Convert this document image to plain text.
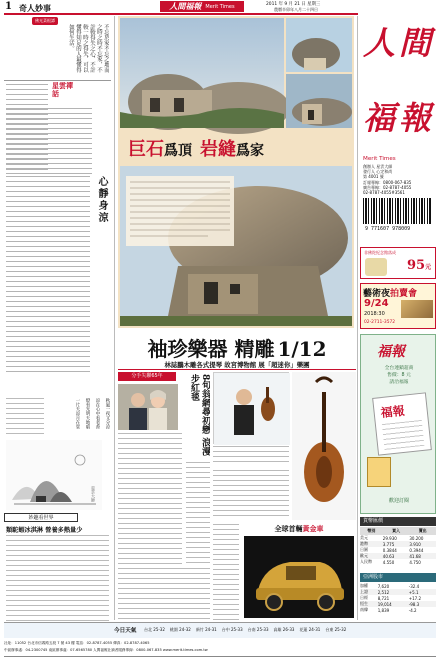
1 奇人妙事	人間福報 Merit Times	2011 年 9 月 21 日 星期三
農曆辛卯年八月二十四日
佛光菜根譚
不忘於家不忘之地而之時之時不忘家，不計較得失之心，不計較一時之得失，可以懂得知足的人最懂得如何生活。
星雲禪話
心靜身涼
秋風一夜又分涼
涼在心中看者香
燈有光明天地暗
一片天涼月在堂
星雲大師
妙趣看世界
類駝蝦冰淇淋 營養多熱量少
巨石爲頂 岩縫爲家
人 間
福 報
Merit Times
創辦人 星雲大師
發行人 心定和尚
第 4001 號
訂報專線：0800-067-835
廣告專線：02-8787-4055
02-8787-4055#3561
9 771607 978009
非佛陀紀念館落成
95元
藝術夜拍賣會
9/24
2018:30
02-2711-3572
福報
全台連鎖超商
售價：8 元
請洽福報
福報
歡迎訂閱
貨幣匯價
幣別	買入	賣出
美元	29.930	30.200
港幣	3.775	3.910
日圓	0.3844	0.3944
歐元	40.63	41.68
人民幣	4.550	4.750
亞洲股市
加權	7,620	-32.4
上證	2,512	+5.1
日經	8,721	+17.2
恆生	19,014	-98.3
南韓	1,839	-4.2
袖珍樂器 精雕 1/12
林誌鵬木雕各式提琴 故宮博物館 展「超迷你」樂團
分手失聯65年	8旬翁網尋初戀 浪漫步紅毯
全球首輛黃金車
今日天氣 台北 25-32 桃園 24-32 新竹 24-31 台中 25-33 台南 25-33 高雄 26-33 花蓮 24-31 台東 25-32
社址：11052 台北市信義路五段 7 號 43 樓 電話：02-8787-4055 傳真：02-8787-4065
中區辦事處：04-2300745 南區辦事處：07-6565780 人間福報社讀者服務專線：0800-067-835 www.merit-times.com.tw
